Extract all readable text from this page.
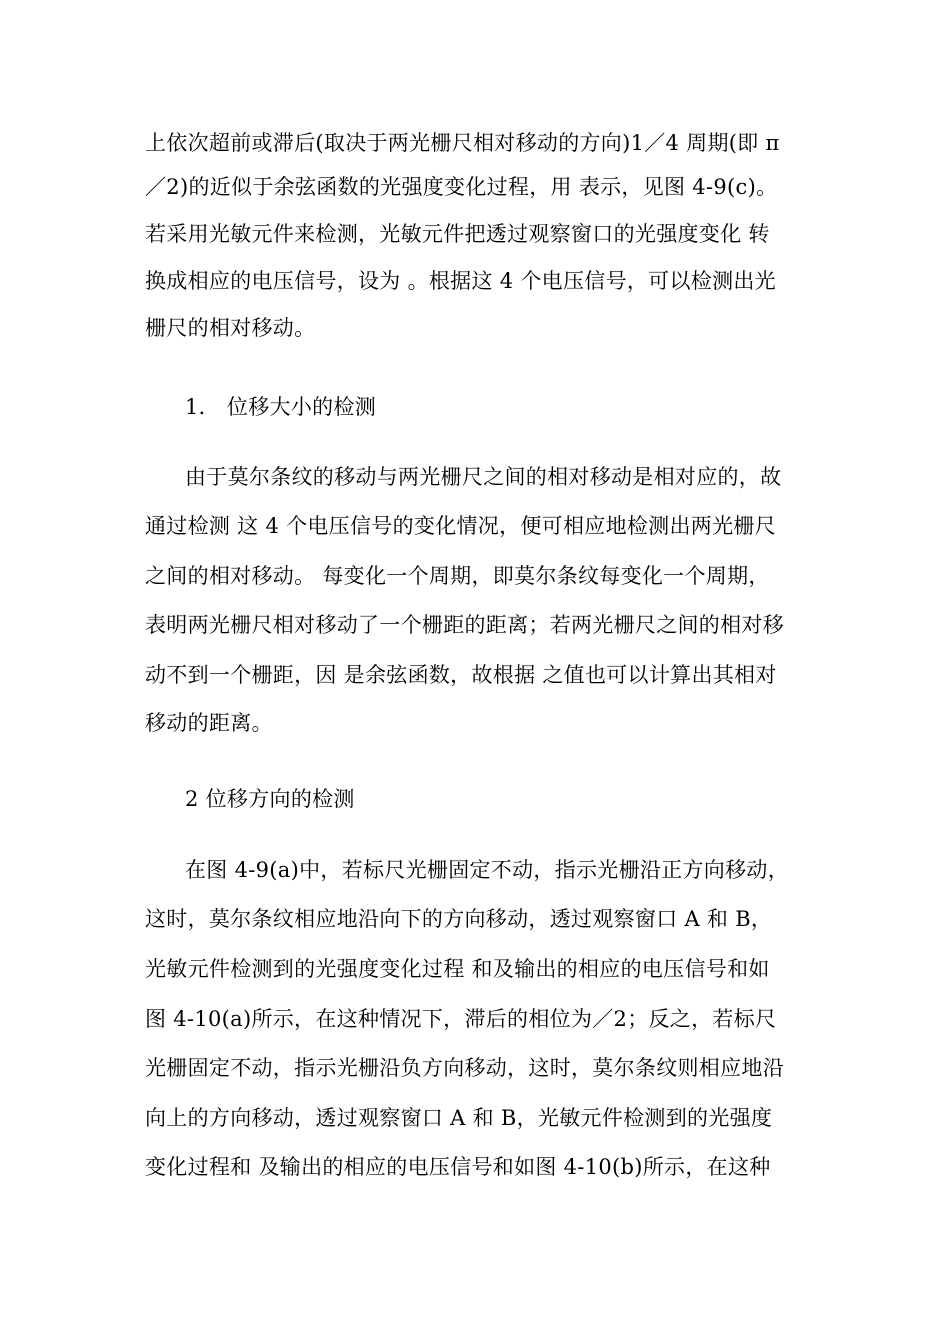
上依次超前或滞后(取决于两光栅尺相对移动的方向)1／4 周期(即 π
／2)的近似于余弦函数的光强度变化过程，用 表示，见图 4-9(c)。
若采用光敏元件来检测，光敏元件把透过观察窗口的光强度变化 转
换成相应的电压信号，设为 。根据这 4 个电压信号，可以检测出光
栅尺的相对移动。
1． 位移大小的检测
由于莫尔条纹的移动与两光栅尺之间的相对移动是相对应的，故
通过检测 这 4 个电压信号的变化情况，便可相应地检测出两光栅尺
之间的相对移动。 每变化一个周期，即莫尔条纹每变化一个周期，
表明两光栅尺相对移动了一个栅距的距离；若两光栅尺之间的相对移
动不到一个栅距，因 是余弦函数，故根据 之值也可以计算出其相对
移动的距离。
2 位移方向的检测
在图 4-9(a)中，若标尺光栅固定不动，指示光栅沿正方向移动，
这时，莫尔条纹相应地沿向下的方向移动，透过观察窗口 A 和 B，
光敏元件检测到的光强度变化过程 和及输出的相应的电压信号和如
图 4-10(a)所示，在这种情况下，滞后的相位为／2；反之，若标尺
光栅固定不动，指示光栅沿负方向移动，这时，莫尔条纹则相应地沿
向上的方向移动，透过观察窗口 A 和 B，光敏元件检测到的光强度
变化过程和 及输出的相应的电压信号和如图 4-10(b)所示，在这种
